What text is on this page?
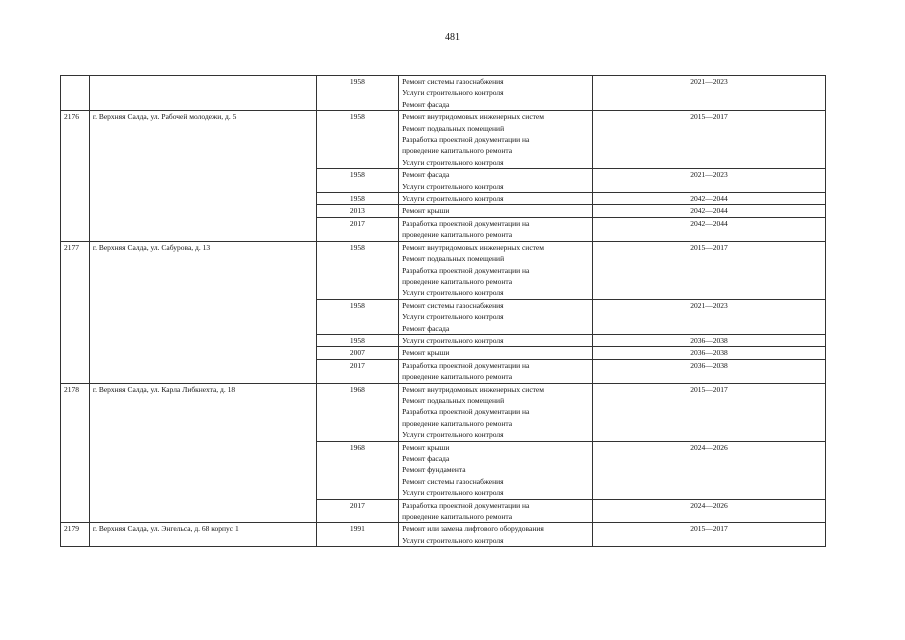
481
		1958	Ремонт системы газоснабжения
Услуги строительного контроля
Ремонт фасада	2021—2023
2176	г. Верхняя Салда, ул. Рабочей молодежи, д. 5	1958	Ремонт внутридомовых инженерных систем
Ремонт подвальных помещений
Разработка проектной документации на
проведение капитального ремонта
Услуги строительного контроля	2015—2017
		1958	Ремонт фасада
Услуги строительного контроля	2021—2023
		1958	Услуги строительного контроля	2042—2044
		2013	Ремонт крыши	2042—2044
		2017	Разработка проектной документации на
проведение капитального ремонта	2042—2044
2177	г. Верхняя Салда, ул. Сабурова, д. 13	1958	Ремонт внутридомовых инженерных систем
Ремонт подвальных помещений
Разработка проектной документации на
проведение капитального ремонта
Услуги строительного контроля	2015—2017
		1958	Ремонт системы газоснабжения
Услуги строительного контроля
Ремонт фасада	2021—2023
		1958	Услуги строительного контроля	2036—2038
		2007	Ремонт крыши	2036—2038
		2017	Разработка проектной документации на
проведение капитального ремонта	2036—2038
2178	г. Верхняя Салда, ул. Карла Либкнехта, д. 18	1968	Ремонт внутридомовых инженерных систем
Ремонт подвальных помещений
Разработка проектной документации на
проведение капитального ремонта
Услуги строительного контроля	2015—2017
		1968	Ремонт крыши
Ремонт фасада
Ремонт фундамента
Ремонт системы газоснабжения
Услуги строительного контроля	2024—2026
		2017	Разработка проектной документации на
проведение капитального ремонта	2024—2026
2179	г. Верхняя Салда, ул. Энгельса, д. 68 корпус 1	1991	Ремонт или замена лифтового оборудования
Услуги строительного контроля	2015—2017
